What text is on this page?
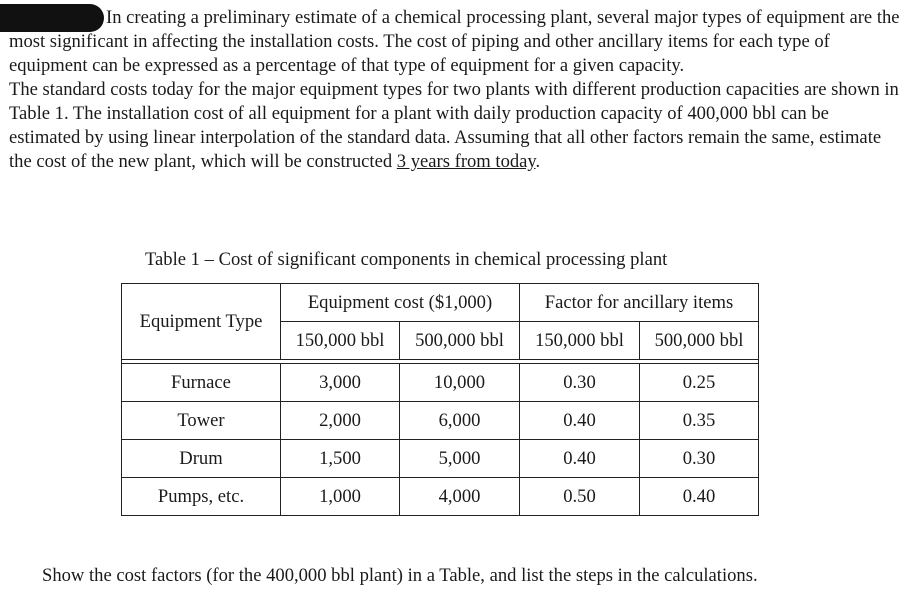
In creating a preliminary estimate of a chemical processing plant, several major types of equipment are the most significant in affecting the installation costs. The cost of piping and other ancillary items for each type of equipment can be expressed as a percentage of that type of equipment for a given capacity.

The standard costs today for the major equipment types for two plants with different production capacities are shown in Table 1. The installation cost of all equipment for a plant with daily production capacity of 400,000 bbl can be estimated by using linear interpolation of the standard data. Assuming that all other factors remain the same, estimate the cost of the new plant, which will be constructed 3 years from today.

Table 1 – Cost of significant components in chemical processing plant

Equipment Type	Equipment cost ($1,000)		Factor for ancillary items	
	150,000 bbl	500,000 bbl	150,000 bbl	500,000 bbl

Furnace	3,000	10,000	0.30	0.25
Tower	2,000	6,000	0.40	0.35
Drum	1,500	5,000	0.40	0.30
Pumps, etc.	1,000	4,000	0.50	0.40

Show the cost factors (for the 400,000 bbl plant) in a Table, and list the steps in the calculations.
